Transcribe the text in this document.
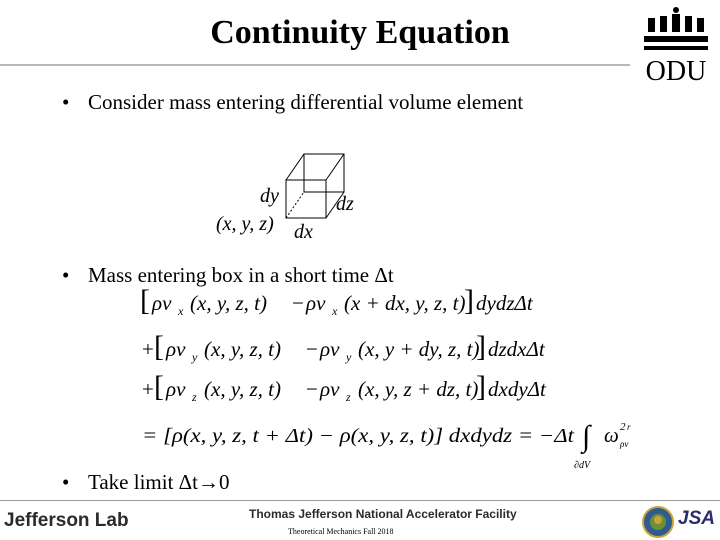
Continuity Equation
ODU
• Consider mass entering differential volume element
dy	dz
dx
(x, y, z)
• Mass entering box in a short time Δt
[ ρv x (x, y, z, t) − ρv x (x + dx, y, z, t)
] dydzΔt
+ [ ρv y (x, y, z, t) − ρv y (x, y + dy, z, t)
] dzdxΔt
+ [ ρv z (x, y, z, t) − ρv z (x, y, z + dz, t)
] dxdyΔt
= [ρ(x, y, z, t + Δt) − ρ(x, y, z, t)] dxdydz = −Δt ∫
∂dV
ω 2 r
ρv
• Take limit Δt→0
Jefferson Lab	Thomas Jefferson National Accelerator Facility
Theoretical Mechanics Fall 2018
JSA
